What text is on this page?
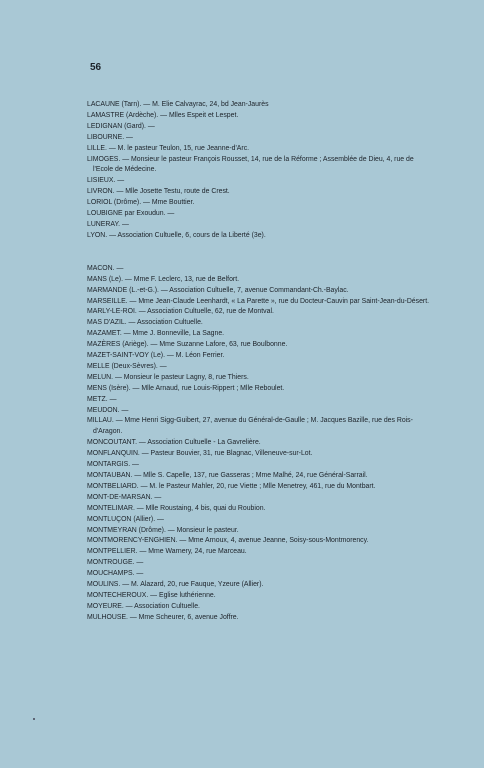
56
LACAUNE (Tarn). — M. Elie Calvayrac, 24, bd Jean-Jaurès
LAMASTRE (Ardèche). — Mlles Espeit et Lespet.
LEDIGNAN (Gard). —
LIBOURNE. —
LILLE. — M. le pasteur Teulon, 15, rue Jeanne-d'Arc.
LIMOGES. — Monsieur le pasteur François Rousset, 14, rue de la Réforme ; Assemblée de Dieu, 4, rue de l'Ecole de Médecine.
LISIEUX. —
LIVRON. — Mlle Josette Testu, route de Crest.
LORIOL (Drôme). — Mme Bouttier.
LOUBIGNE par Exoudun. —
LUNERAY. —
LYON. — Association Cultuelle, 6, cours de la Liberté (3e).
MACON. —
MANS (Le). — Mme F. Leclerc, 13, rue de Belfort.
MARMANDE (L.-et-G.). — Association Cultuelle, 7, avenue Commandant-Ch.-Baylac.
MARSEILLE. — Mme Jean-Claude Leenhardt, « La Parette », rue du Docteur-Cauvin par Saint-Jean-du-Désert.
MARLY-LE-ROI. — Association Cultuelle, 62, rue de Montval.
MAS D'AZIL. — Association Cultuelle.
MAZAMET. — Mme J. Bonneville, La Sagne.
MAZÈRES (Ariège). — Mme Suzanne Lafore, 63, rue Boulbonne.
MAZET-SAINT-VOY (Le). — M. Léon Ferrier.
MELLE (Deux-Sèvres). —
MELUN. — Monsieur le pasteur Lagny, 8, rue Thiers.
MENS (Isère). — Mlle Arnaud, rue Louis-Rippert ; Mlle Reboulet.
METZ. —
MEUDON. —
MILLAU. — Mme Henri Sigg-Guibert, 27, avenue du Général-de-Gaulle ; M. Jacques Bazille, rue des Rois-d'Aragon.
MONCOUTANT. — Association Cultuelle - La Gavrelière.
MONFLANQUIN. — Pasteur Bouvier, 31, rue Blagnac, Villeneuve-sur-Lot.
MONTARGIS. —
MONTAUBAN. — Mlle S. Capelle, 137, rue Gasseras ; Mme Malhé, 24, rue Général-Sarrail.
MONTBELIARD. — M. le Pasteur Mahler, 20, rue Viette ; Mlle Menetrey, 461, rue du Montbart.
MONT-DE-MARSAN. —
MONTELIMAR. — Mlle Roustaing, 4 bis, quai du Roubion.
MONTLUÇON (Allier). —
MONTMEYRAN (Drôme). — Monsieur le pasteur.
MONTMORENCY-ENGHIEN. — Mme Arnoux, 4, avenue Jeanne, Soisy-sous-Montmorency.
MONTPELLIER. — Mme Warnery, 24, rue Marceau.
MONTROUGE. —
MOUCHAMPS. —
MOULINS. — M. Alazard, 20, rue Fauque, Yzeure (Allier).
MONTECHEROUX. — Eglise luthérienne.
MOYEURE. — Association Cultuelle.
MULHOUSE. — Mme Scheurer, 6, avenue Joffre.
